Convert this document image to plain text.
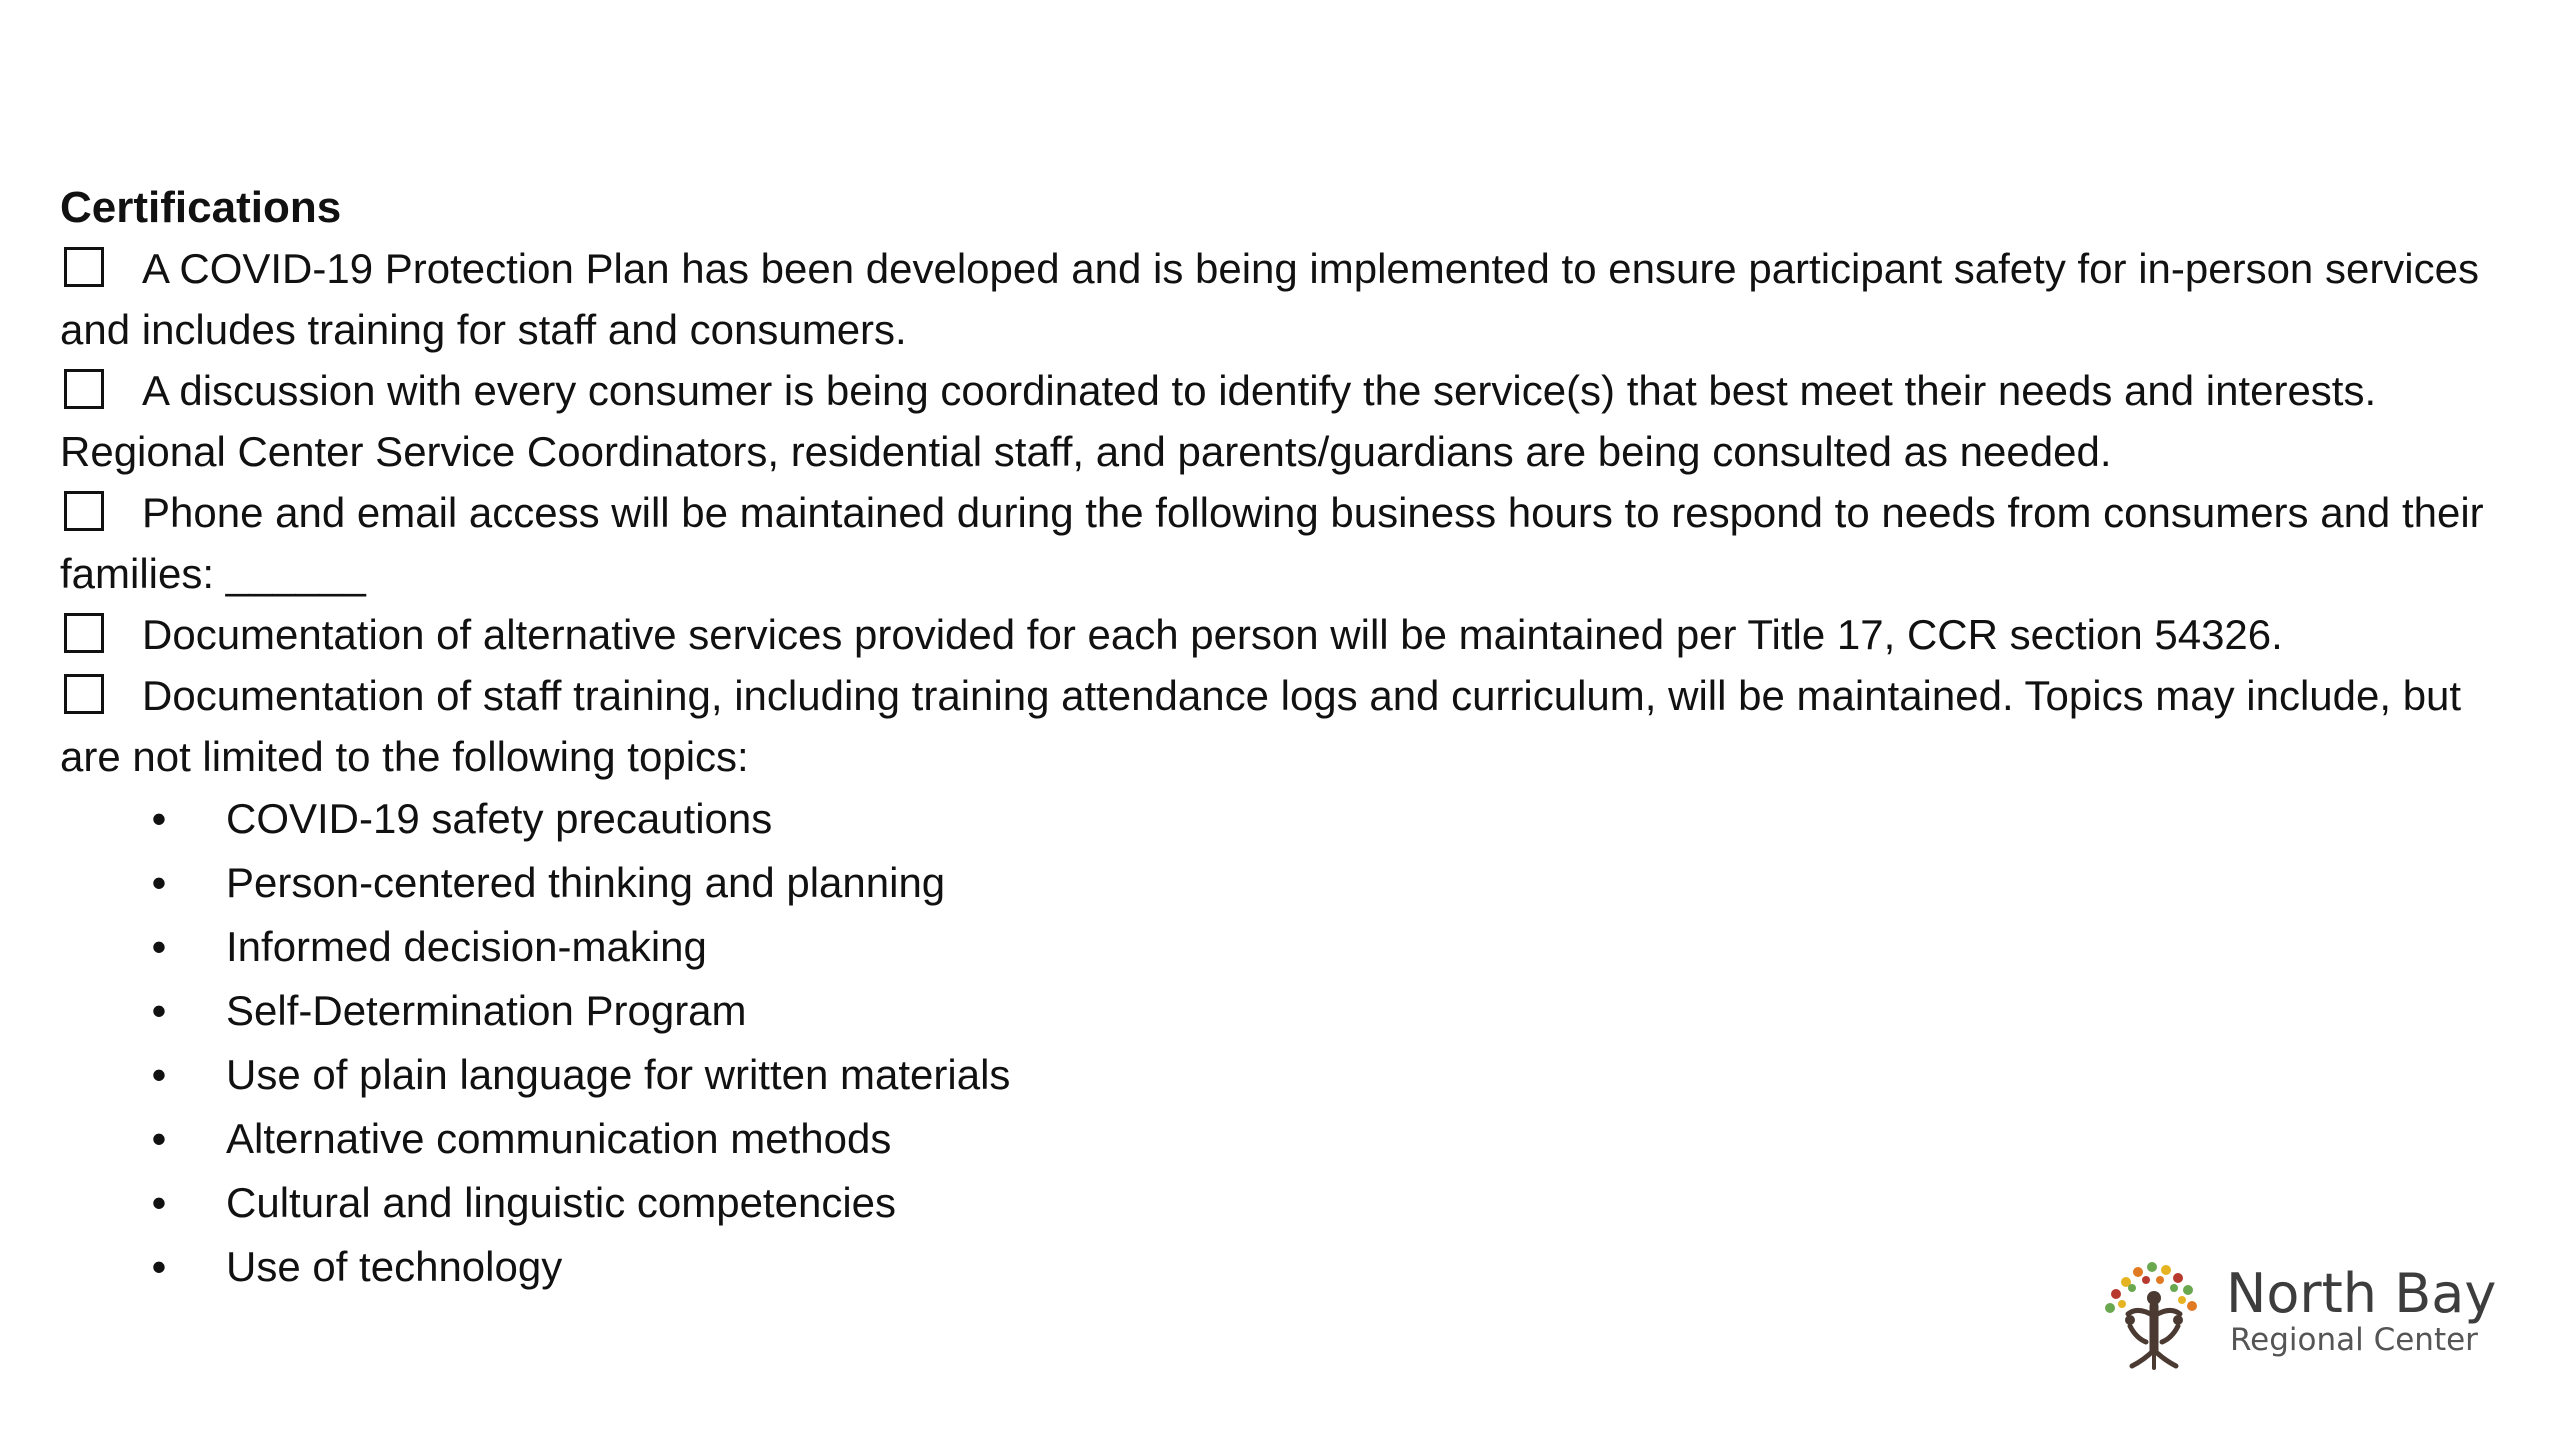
Certifications

A COVID-19 Protection Plan has been developed and is being implemented to ensure participant safety for in-person services and includes training for staff and consumers.

A discussion with every consumer is being coordinated to identify the service(s) that best meet their needs and interests. Regional Center Service Coordinators, residential staff, and parents/guardians are being consulted as needed.

Phone and email access will be maintained during the following business hours to respond to needs from consumers and their families: ______

Documentation of alternative services provided for each person will be maintained per Title 17, CCR section 54326.

Documentation of staff training, including training attendance logs and curriculum, will be maintained. Topics may include, but are not limited to the following topics:

• COVID-19 safety precautions
• Person-centered thinking and planning
• Informed decision-making
• Self-Determination Program
• Use of plain language for written materials
• Alternative communication methods
• Cultural and linguistic competencies
• Use of technology	North Bay
Regional Center
